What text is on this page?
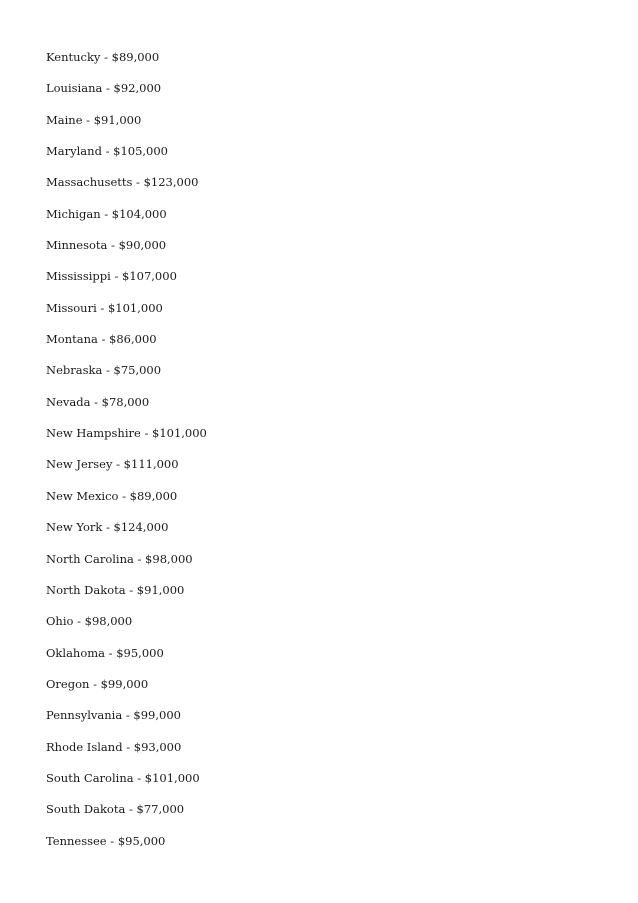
Kentucky - $89,000
Louisiana - $92,000
Maine - $91,000
Maryland - $105,000
Massachusetts - $123,000
Michigan - $104,000
Minnesota - $90,000
Mississippi - $107,000
Missouri - $101,000
Montana - $86,000
Nebraska - $75,000
Nevada - $78,000
New Hampshire - $101,000
New Jersey - $111,000
New Mexico - $89,000
New York - $124,000
North Carolina - $98,000
North Dakota - $91,000
Ohio - $98,000
Oklahoma - $95,000
Oregon - $99,000
Pennsylvania - $99,000
Rhode Island - $93,000
South Carolina - $101,000
South Dakota - $77,000
Tennessee - $95,000
